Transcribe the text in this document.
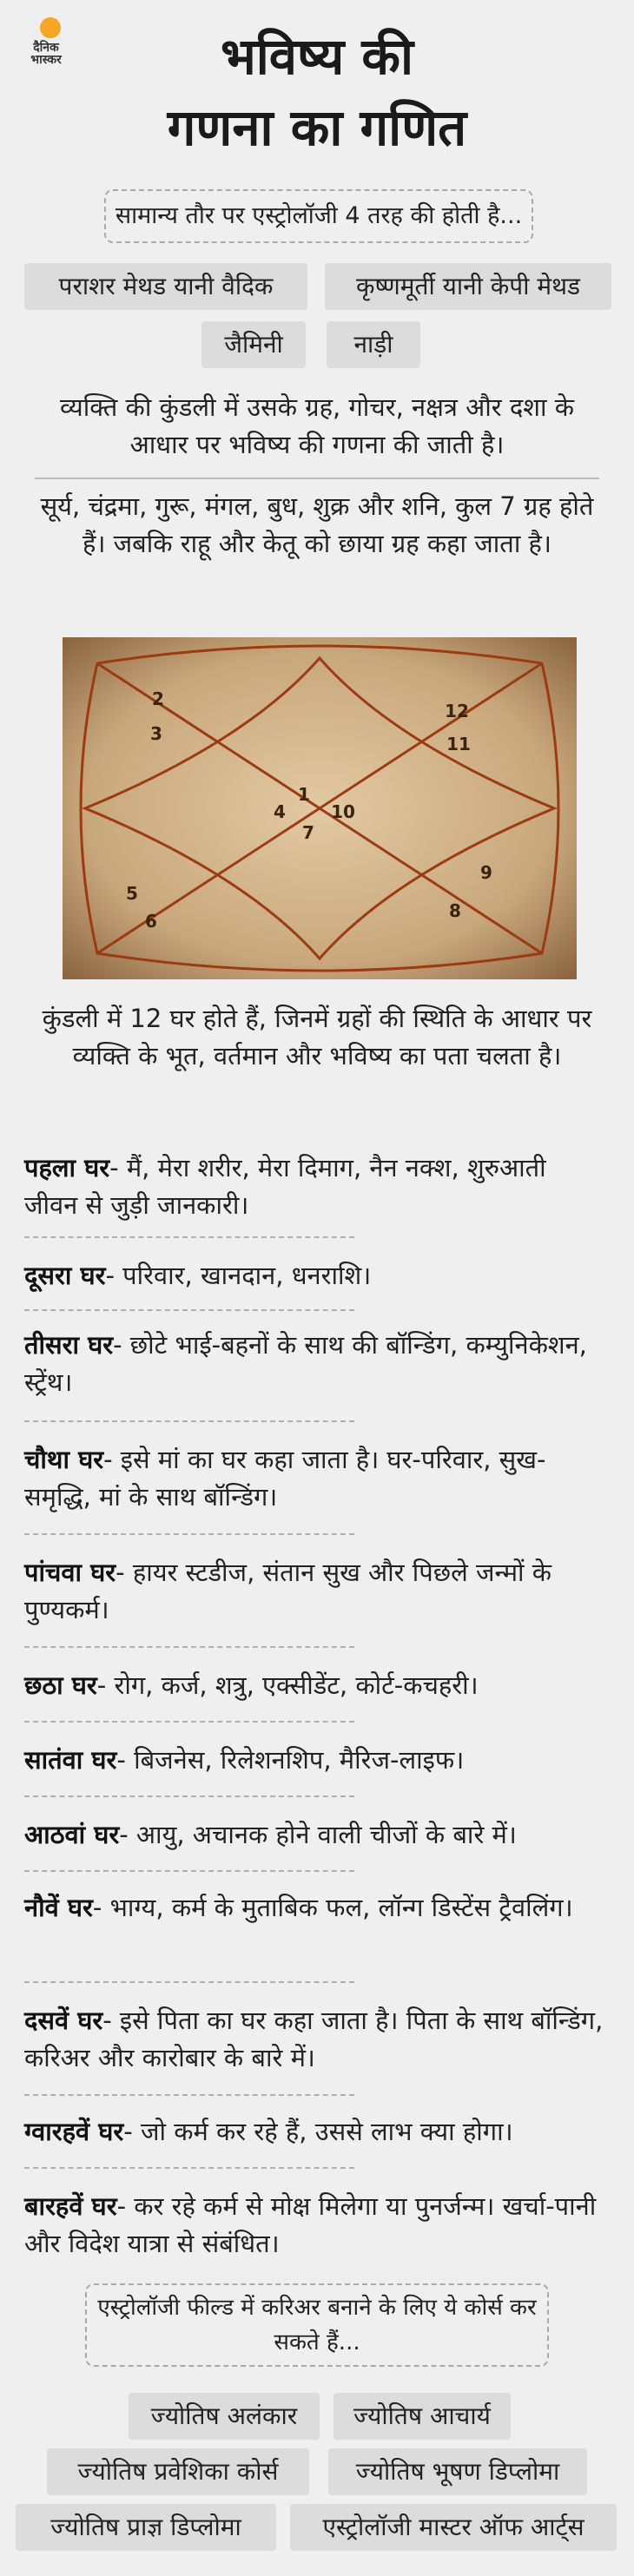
दैनिक
भास्कर	भविष्य की
गणना का गणित
सामान्य तौर पर एस्ट्रोलॉजी 4 तरह की होती है...
पराशर मेथड यानी वैदिक	कृष्णमूर्ती यानी केपी मेथड
जैमिनी	नाड़ी
व्यक्ति की कुंडली में उसके ग्रह, गोचर, नक्षत्र और दशा के आधार पर भविष्य की गणना की जाती है।
सूर्य, चंद्रमा, गुरू, मंगल, बुध, शुक्र और शनि, कुल 7 ग्रह होते हैं। जबकि राहू और केतू को छाया ग्रह कहा जाता है।
1
2
3
4
5
6
7
8
9
10
11
12
कुंडली में 12 घर होते हैं, जिनमें ग्रहों की स्थिति के आधार पर व्यक्ति के भूत, वर्तमान और भविष्य का पता चलता है।
पहला घर- मैं, मेरा शरीर, मेरा दिमाग, नैन नक्श, शुरुआती जीवन से जुड़ी जानकारी।
दूसरा घर- परिवार, खानदान, धनराशि।
तीसरा घर- छोटे भाई-बहनों के साथ की बॉन्डिंग, कम्युनिकेशन, स्ट्रेंथ।
चौथा घर- इसे मां का घर कहा जाता है। घर-परिवार, सुख-समृद्धि, मां के साथ बॉन्डिंग।
पांचवा घर- हायर स्टडीज, संतान सुख और पिछले जन्मों के पुण्यकर्म।
छठा घर- रोग, कर्ज, शत्रु, एक्सीडेंट, कोर्ट-कचहरी।
सातंवा घर- बिजनेस, रिलेशनशिप, मैरिज-लाइफ।
आठवां घर- आयु, अचानक होने वाली चीजों के बारे में।
नौवें घर- भाग्य, कर्म के मुताबिक फल, लॉन्ग डिस्टेंस ट्रैवलिंग।
दसवें घर- इसे पिता का घर कहा जाता है। पिता के साथ बॉन्डिंग, करिअर और कारोबार के बारे में।
ग्वारहवें घर- जो कर्म कर रहे हैं, उससे लाभ क्या होगा।
बारहवें घर- कर रहे कर्म से मोक्ष मिलेगा या पुनर्जन्म। खर्चा-पानी और विदेश यात्रा से संबंधित।
एस्ट्रोलॉजी फील्ड में करिअर बनाने के लिए ये कोर्स कर सकते हैं...
ज्योतिष अलंकार	ज्योतिष आचार्य
ज्योतिष प्रवेशिका कोर्स	ज्योतिष भूषण डिप्लोमा
ज्योतिष प्राज्ञ डिप्लोमा	एस्ट्रोलॉजी मास्टर ऑफ आर्ट्स
